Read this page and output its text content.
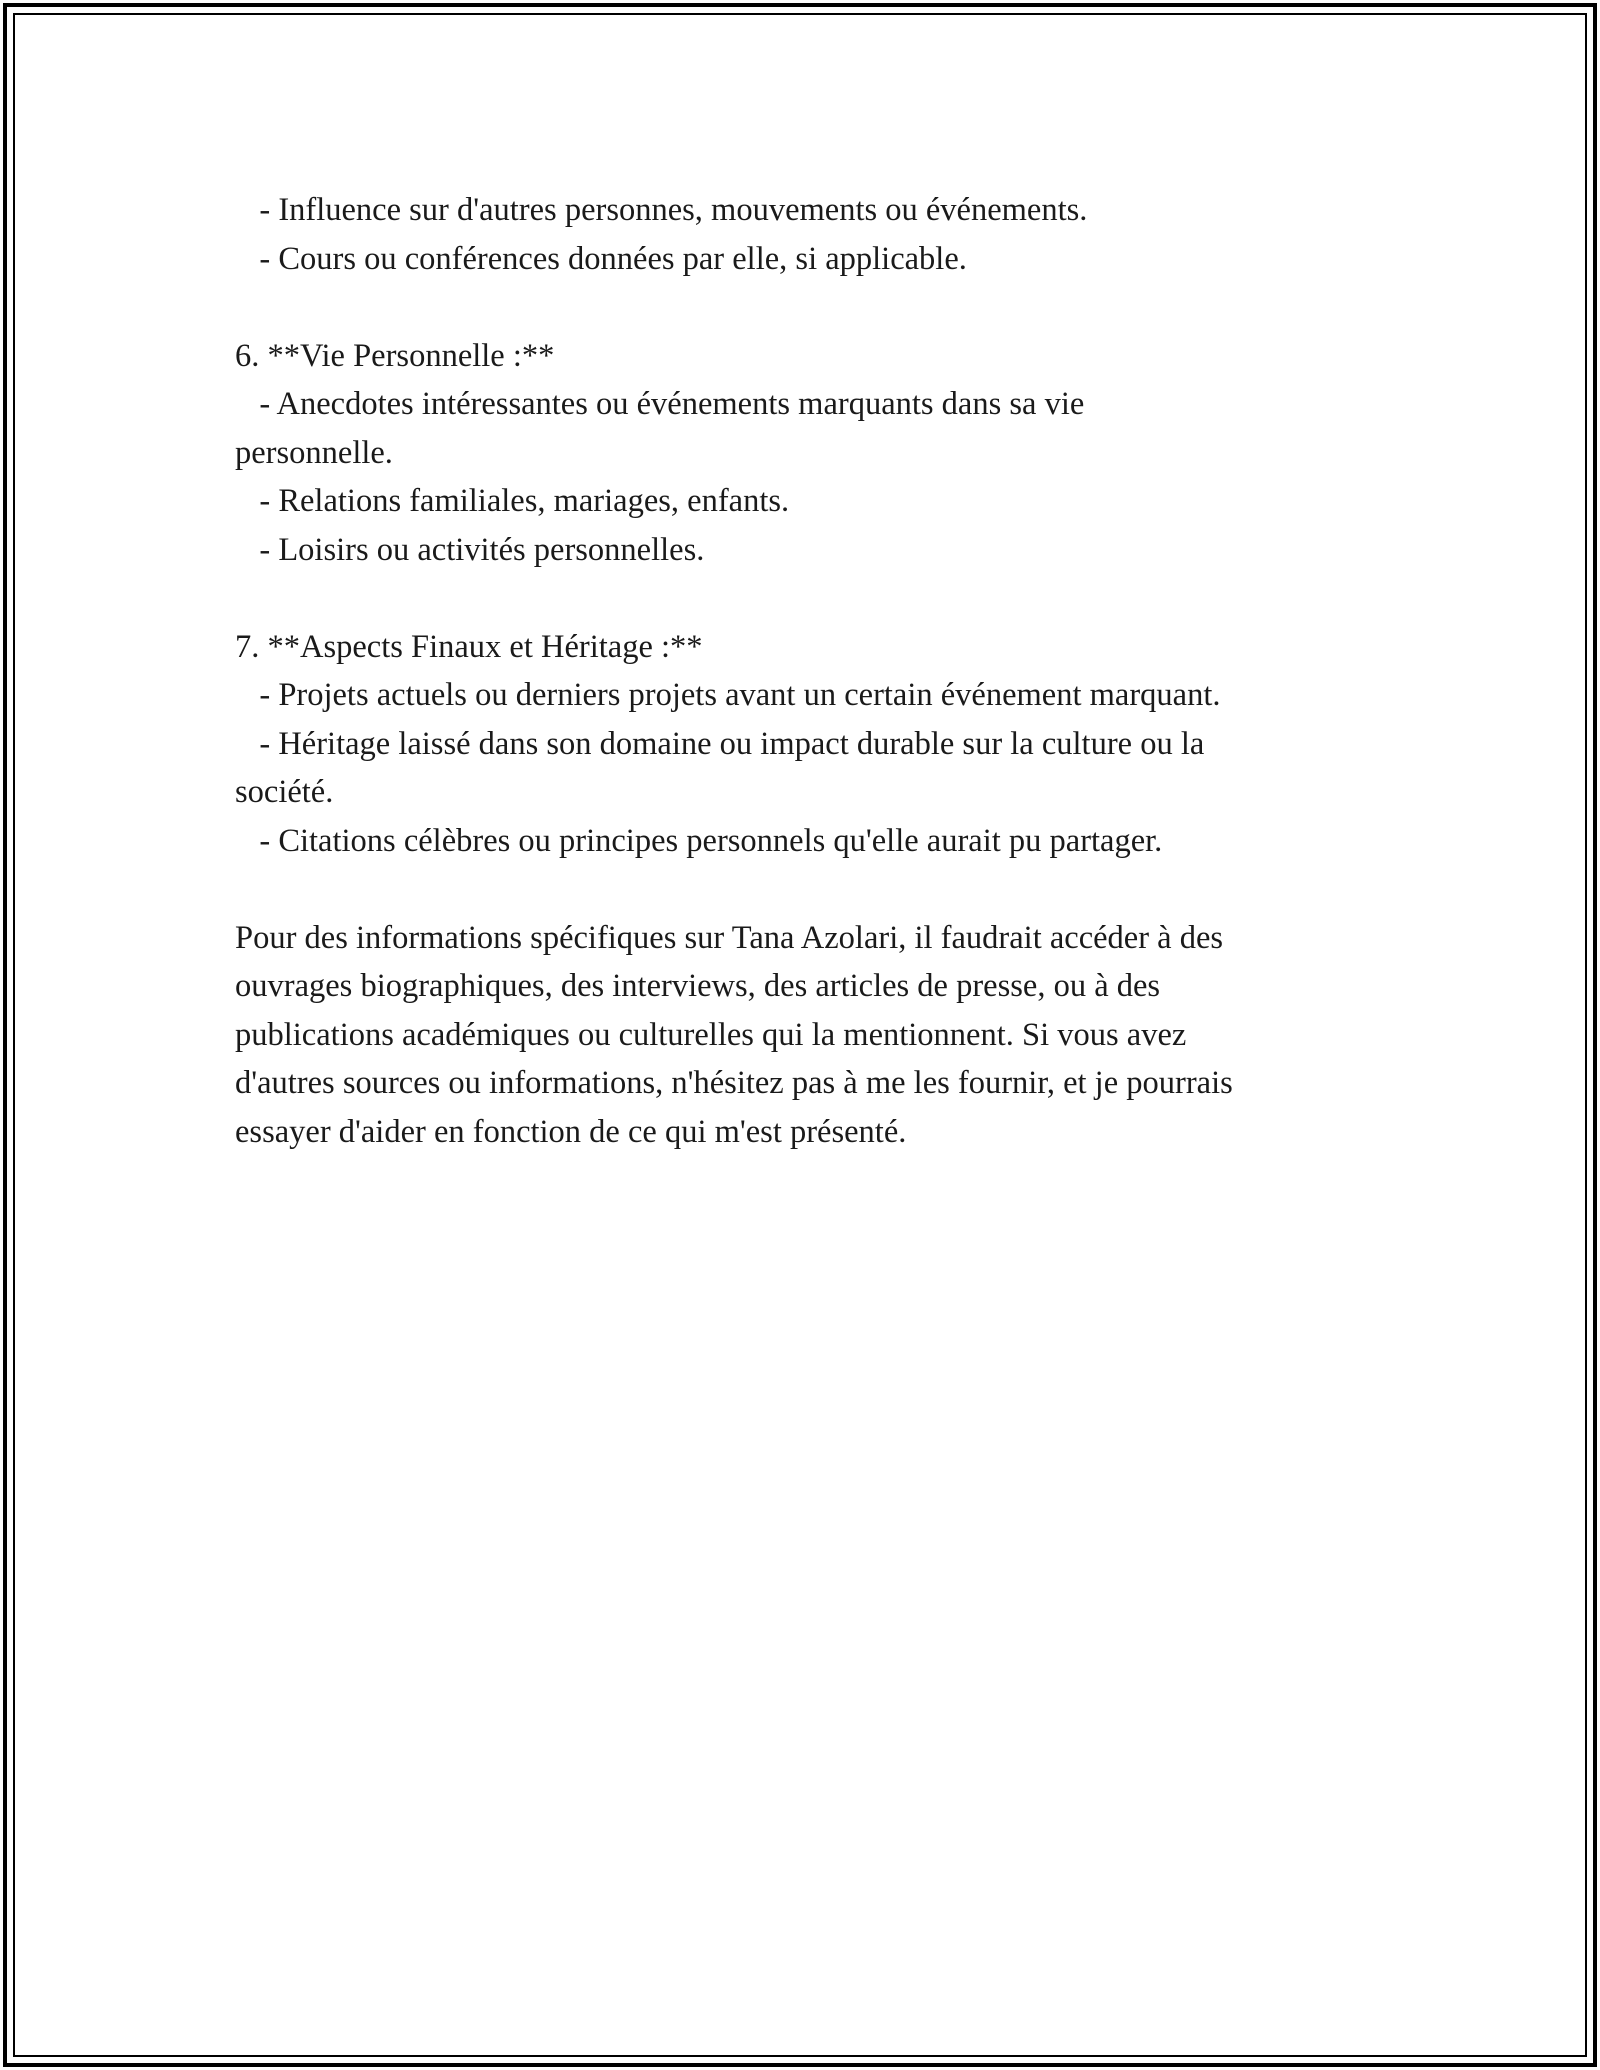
- Influence sur d'autres personnes, mouvements ou événements.
- Cours ou conférences données par elle, si applicable.
6. **Vie Personnelle :**
- Anecdotes intéressantes ou événements marquants dans sa vie
personnelle.
- Relations familiales, mariages, enfants.
- Loisirs ou activités personnelles.
7. **Aspects Finaux et Héritage :**
- Projets actuels ou derniers projets avant un certain événement marquant.
- Héritage laissé dans son domaine ou impact durable sur la culture ou la
société.
- Citations célèbres ou principes personnels qu'elle aurait pu partager.
Pour des informations spécifiques sur Tana Azolari, il faudrait accéder à des
ouvrages biographiques, des interviews, des articles de presse, ou à des
publications académiques ou culturelles qui la mentionnent. Si vous avez
d'autres sources ou informations, n'hésitez pas à me les fournir, et je pourrais
essayer d'aider en fonction de ce qui m'est présenté.
